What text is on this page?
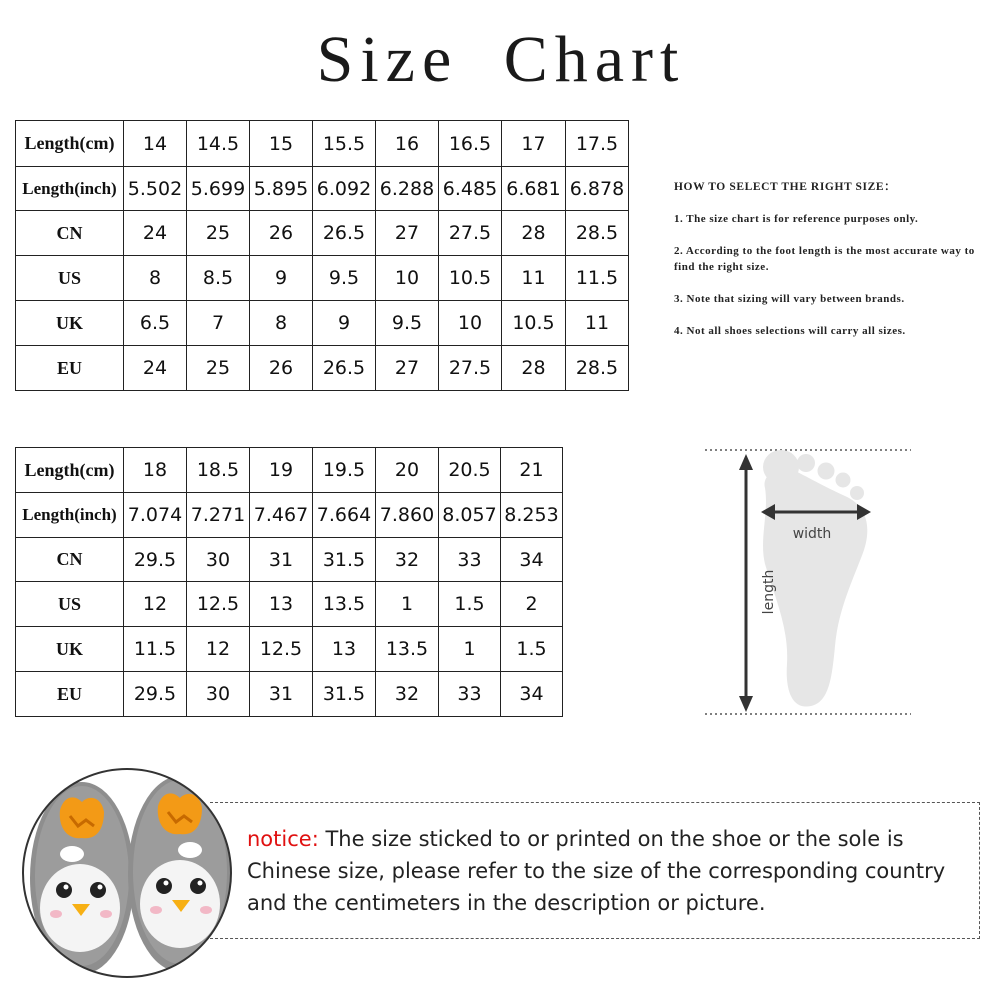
Size Chart
Length(cm)	14	14.5	15	15.5	16	16.5	17	17.5
Length(inch)	5.502	5.699	5.895	6.092	6.288	6.485	6.681	6.878
CN	24	25	26	26.5	27	27.5	28	28.5
US	8	8.5	9	9.5	10	10.5	11	11.5
UK	6.5	7	8	9	9.5	10	10.5	11
EU	24	25	26	26.5	27	27.5	28	28.5
Length(cm)	18	18.5	19	19.5	20	20.5	21
Length(inch)	7.074	7.271	7.467	7.664	7.860	8.057	8.253
CN	29.5	30	31	31.5	32	33	34
US	12	12.5	13	13.5	1	1.5	2
UK	11.5	12	12.5	13	13.5	1	1.5
EU	29.5	30	31	31.5	32	33	34
HOW TO SELECT THE RIGHT SIZE：
1. The size chart is for reference purposes only.
2. According to the foot length is the most accurate way to find the right size.
3. Note that sizing will vary between brands.
4. Not all shoes selections will carry all sizes.
width
length
notice: The size sticked to or printed on the shoe or the sole is Chinese size, please refer to the size of the corresponding country and the centimeters in the description or picture.
